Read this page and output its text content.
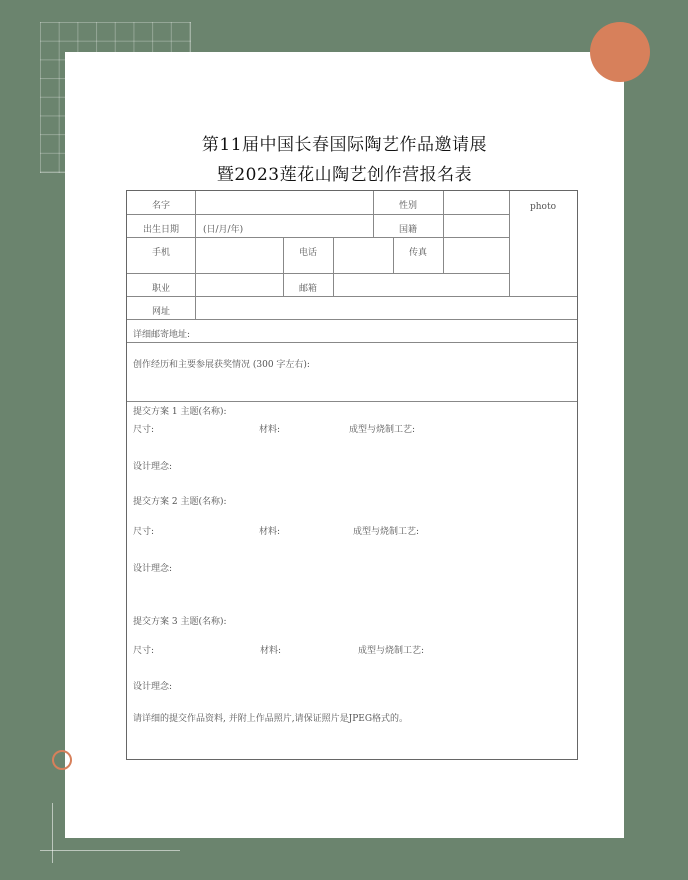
第11届中国长春国际陶艺作品邀请展
暨2023莲花山陶艺创作营报名表
名字	性别	photo
出生日期	(日/月/年)	国籍
手机	电话	传真
职业	邮箱
网址
详细邮寄地址:
创作经历和主要参展获奖情况 (300 字左右):
提交方案 1 主题(名称):
尺寸:	材料:	成型与烧制工艺:
设计理念:
提交方案 2 主题(名称):
尺寸:	材料:	成型与烧制工艺:
设计理念:
提交方案 3 主题(名称):
尺寸:	材料:	成型与烧制工艺:
设计理念:
请详细的提交作品资料, 并附上作品照片,请保证照片是JPEG格式的。
